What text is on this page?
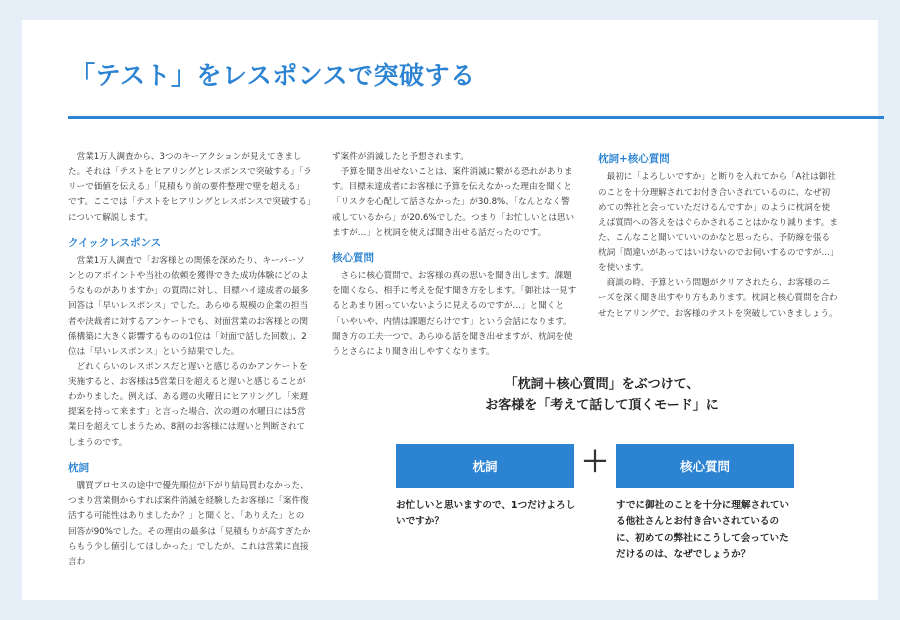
「テスト」をレスポンスで突破する

営業1万人調査から、3つのキーアクションが見えてきました。それは「テストをヒアリングとレスポンスで突破する」「ラリーで価値を伝える」「見積もり前の要件整理で壁を超える」です。ここでは「テストをヒアリングとレスポンスで突破する」について解説します。

クイックレスポンス

営業1万人調査で「お客様との関係を深めたり、キーパーソンとのアポイントや当社の依頼を獲得できた成功体験にどのようなものがありますか」の質問に対し、目標ハイ達成者の最多回答は「早いレスポンス」でした。あらゆる規模の企業の担当者や決裁者に対するアンケートでも、対面営業のお客様との関係構築に大きく影響するものの1位は「対面で話した回数」、2位は「早いレスポンス」という結果でした。

どれくらいのレスポンスだと遅いと感じるのかアンケートを実施すると、お客様は5営業日を超えると遅いと感じることがわかりました。例えば、ある週の火曜日にヒアリングし「来週提案を持って来ます」と言った場合、次の週の水曜日には5営業日を超えてしまうため、8割のお客様には遅いと判断されてしまうのです。

枕詞

購買プロセスの途中で優先順位が下がり結局買わなかった、つまり営業側からすれば案件消滅を経験したお客様に「案件復活する可能性はありましたか？」と聞くと、「ありえた」との回答が90%でした。その理由の最多は「見積もりが高すぎたからもう少し値引してほしかった」でしたが、これは営業に直接言わ

ず案件が消滅したと予想されます。

予算を聞き出せないことは、案件消滅に繋がる恐れがあります。目標未達成者にお客様に予算を伝えなかった理由を聞くと「リスクを心配して話さなかった」が30.8%、「なんとなく警戒しているから」が20.6%でした。つまり「お忙しいとは思いますが…」と枕詞を使えば聞き出せる話だったのです。

核心質問

さらに核心質問で、お客様の真の思いを聞き出します。課題を聞くなら、相手に考えを促す聞き方をします。「御社は一見するとあまり困っていないように見えるのですが…」と聞くと「いやいや、内情は課題だらけです」という会話になります。聞き方の工夫一つで、あらゆる話を聞き出せますが、枕詞を使うとさらにより聞き出しやすくなります。

枕詞+核心質問

最初に「よろしいですか」と断りを入れてから「A社は御社のことを十分理解されてお付き合いされているのに、なぜ初めての弊社と会っていただけるんですか」のように枕詞を使えば質問への答えをはぐらかされることはかなり減ります。また、こんなこと聞いていいのかなと思ったら、予防線を張る枕詞「間違いがあってはいけないのでお伺いするのですが…」を使います。

商談の時、予算という問題がクリアされたら、お客様のニーズを深く聞き出すやり方もあります。枕詞と核心質問を合わせたヒアリングで、お客様のテストを突破していきましょう。

「枕詞＋核心質問」をぶつけて、
お客様を「考えて話して頂くモード」に
枕詞	＋	核心質問
お忙しいと思いますので、1つだけよろしいですか？
すでに御社のことを十分に理解されている他社さんとお付き合いされているのに、初めての弊社にこうして会っていただけるのは、なぜでしょうか？
